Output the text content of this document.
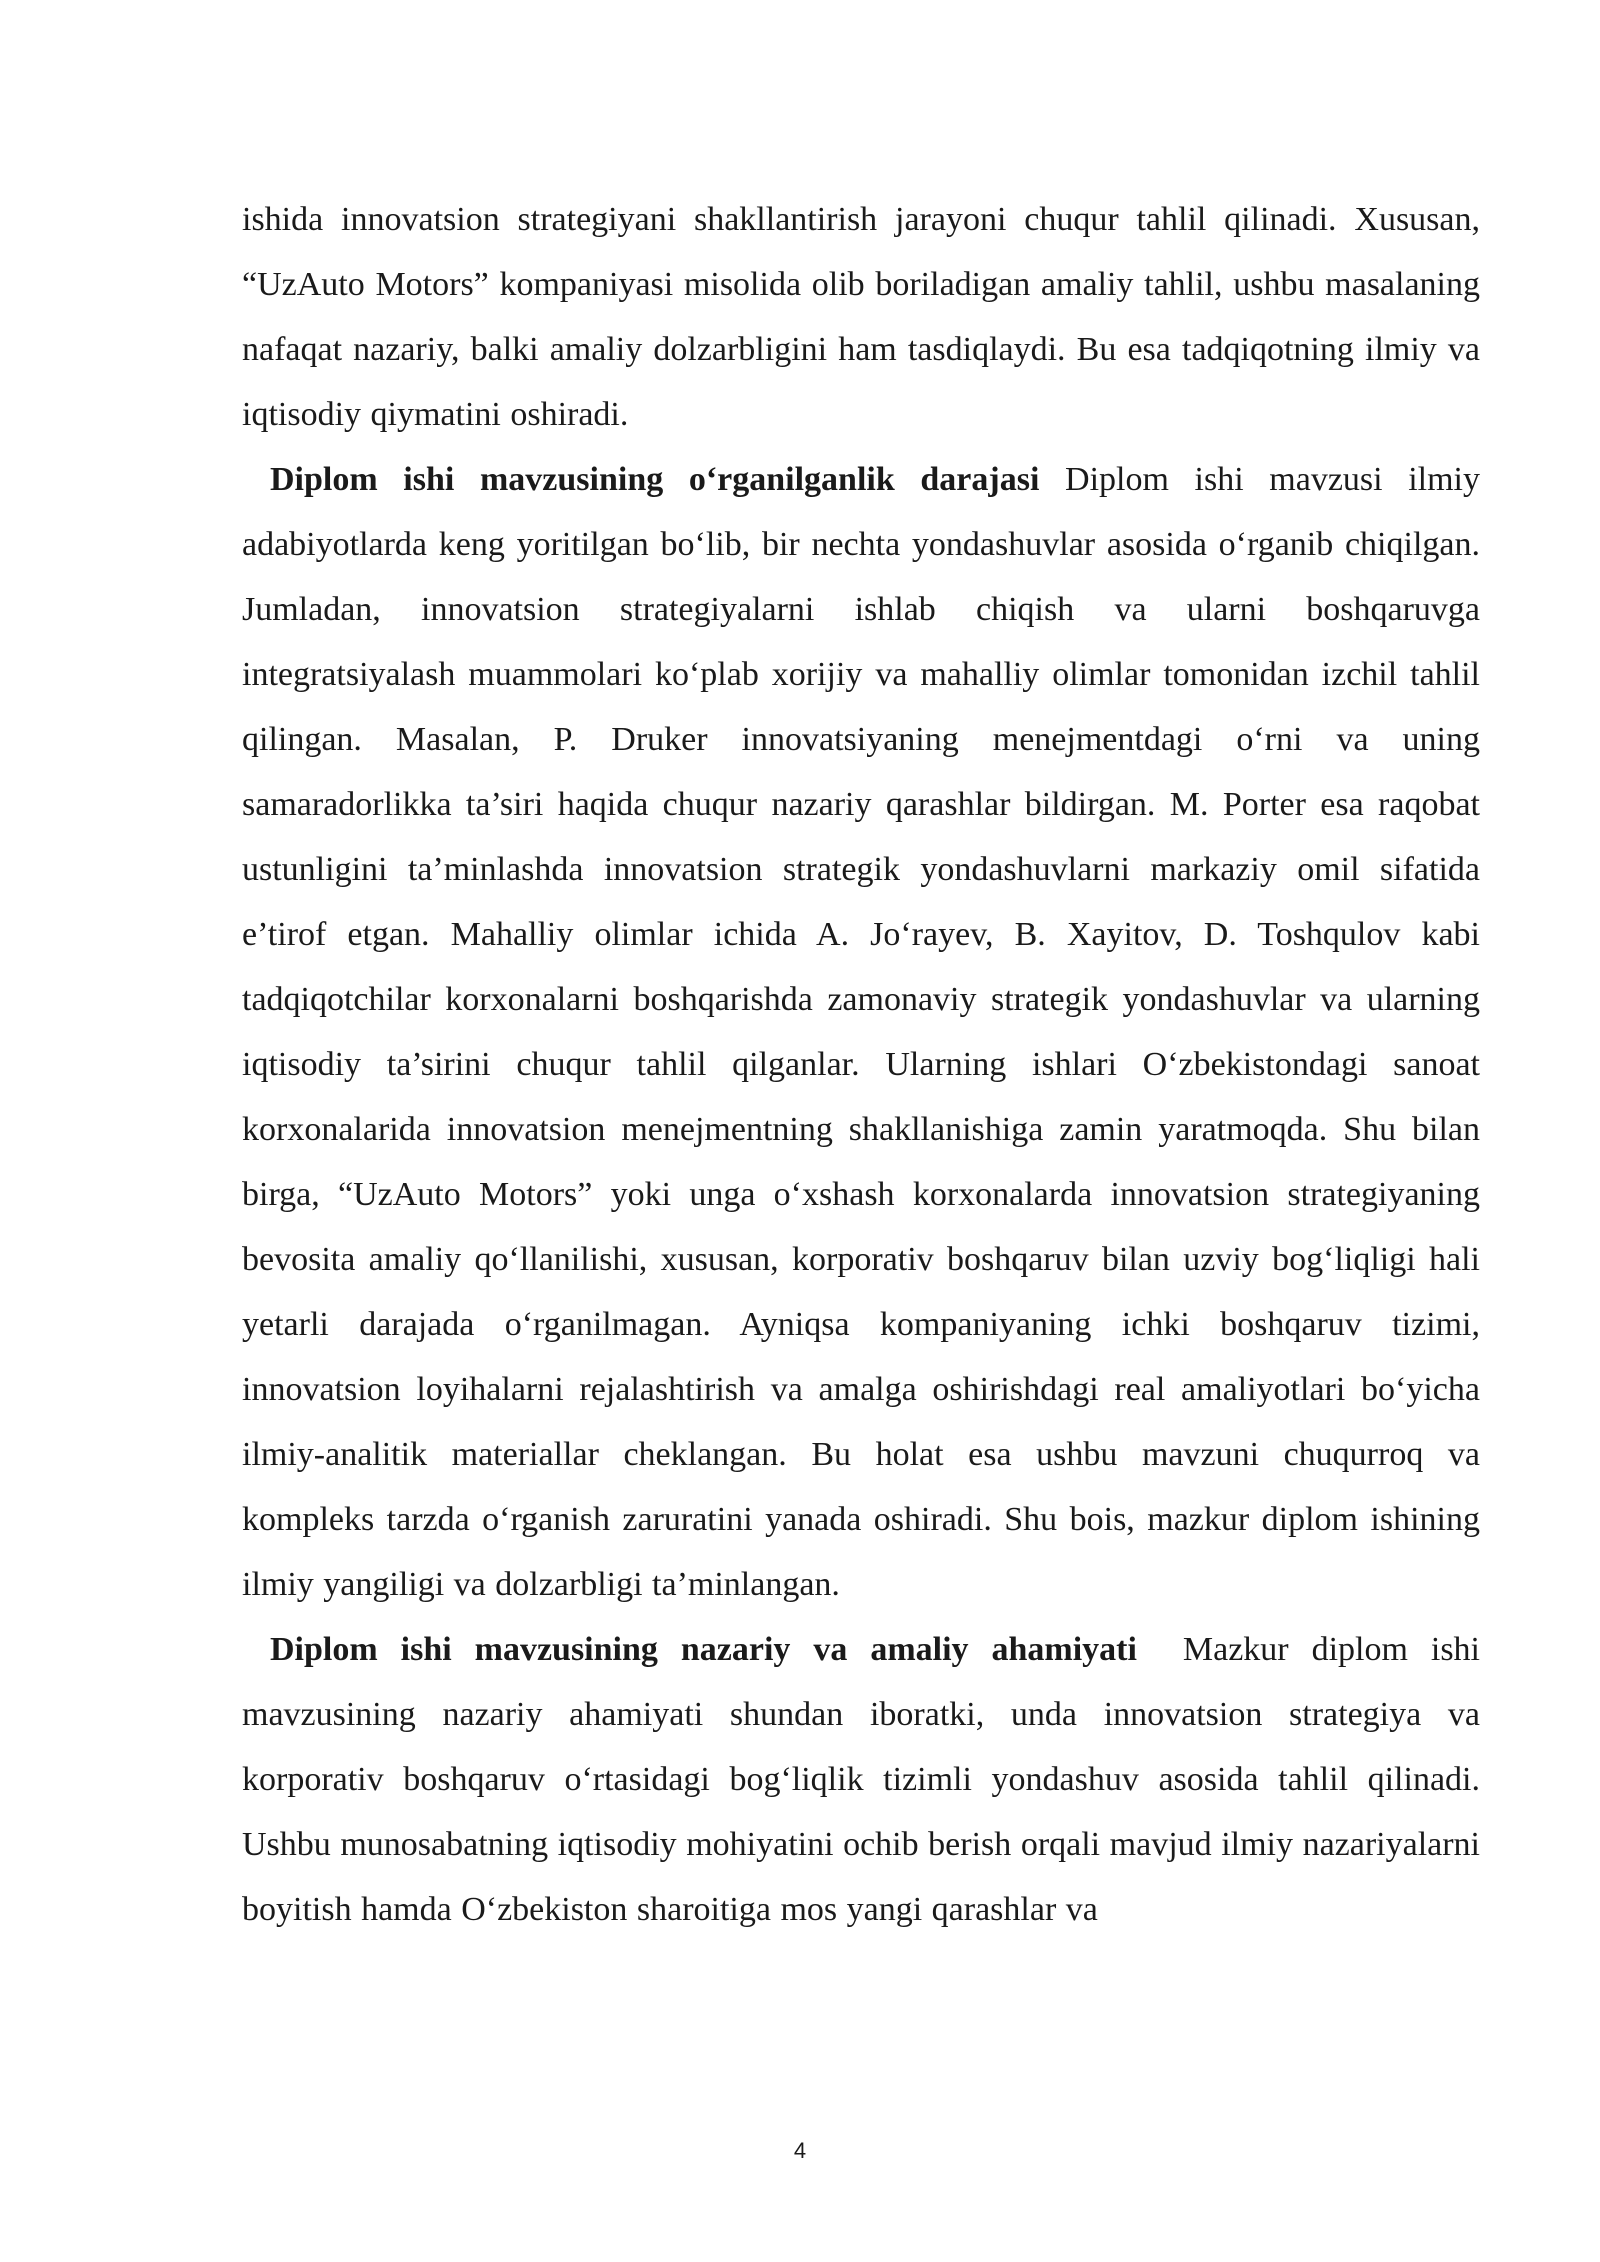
ishida innovatsion strategiyani shakllantirish jarayoni chuqur tahlil qilinadi. Xususan, “UzAuto Motors” kompaniyasi misolida olib boriladigan amaliy tahlil, ushbu masalaning nafaqat nazariy, balki amaliy dolzarbligini ham tasdiqlaydi. Bu esa tadqiqotning ilmiy va iqtisodiy qiymatini oshiradi.

Diplom ishi mavzusining o‘rganilganlik darajasi Diplom ishi mavzusi ilmiy adabiyotlarda keng yoritilgan bo‘lib, bir nechta yondashuvlar asosida o‘rganib chiqilgan. Jumladan, innovatsion strategiyalarni ishlab chiqish va ularni boshqaruvga integratsiyalash muammolari ko‘plab xorijiy va mahalliy olimlar tomonidan izchil tahlil qilingan. Masalan, P. Druker innovatsiyaning menejmentdagi o‘rni va uning samaradorlikka ta’siri haqida chuqur nazariy qarashlar bildirgan. M. Porter esa raqobat ustunligini ta’minlashda innovatsion strategik yondashuvlarni markaziy omil sifatida e’tirof etgan. Mahalliy olimlar ichida A. Jo‘rayev, B. Xayitov, D. Toshqulov kabi tadqiqotchilar korxonalarni boshqarishda zamonaviy strategik yondashuvlar va ularning iqtisodiy ta’sirini chuqur tahlil qilganlar. Ularning ishlari O‘zbekistondagi sanoat korxonalarida innovatsion menejmentning shakllanishiga zamin yaratmoqda. Shu bilan birga, “UzAuto Motors” yoki unga o‘xshash korxonalarda innovatsion strategiyaning bevosita amaliy qo‘llanilishi, xususan, korporativ boshqaruv bilan uzviy bog‘liqligi hali yetarli darajada o‘rganilmagan. Ayniqsa kompaniyaning ichki boshqaruv tizimi, innovatsion loyihalarni rejalashtirish va amalga oshirishdagi real amaliyotlari bo‘yicha ilmiy-analitik materiallar cheklangan. Bu holat esa ushbu mavzuni chuqurroq va kompleks tarzda o‘rganish zaruratini yanada oshiradi. Shu bois, mazkur diplom ishining ilmiy yangiligi va dolzarbligi ta’minlangan.

Diplom ishi mavzusining nazariy va amaliy ahamiyati Mazkur diplom ishi mavzusining nazariy ahamiyati shundan iboratki, unda innovatsion strategiya va korporativ boshqaruv o‘rtasidagi bog‘liqlik tizimli yondashuv asosida tahlil qilinadi. Ushbu munosabatning iqtisodiy mohiyatini ochib berish orqali mavjud ilmiy nazariyalarni boyitish hamda O‘zbekiston sharoitiga mos yangi qarashlar va

4
